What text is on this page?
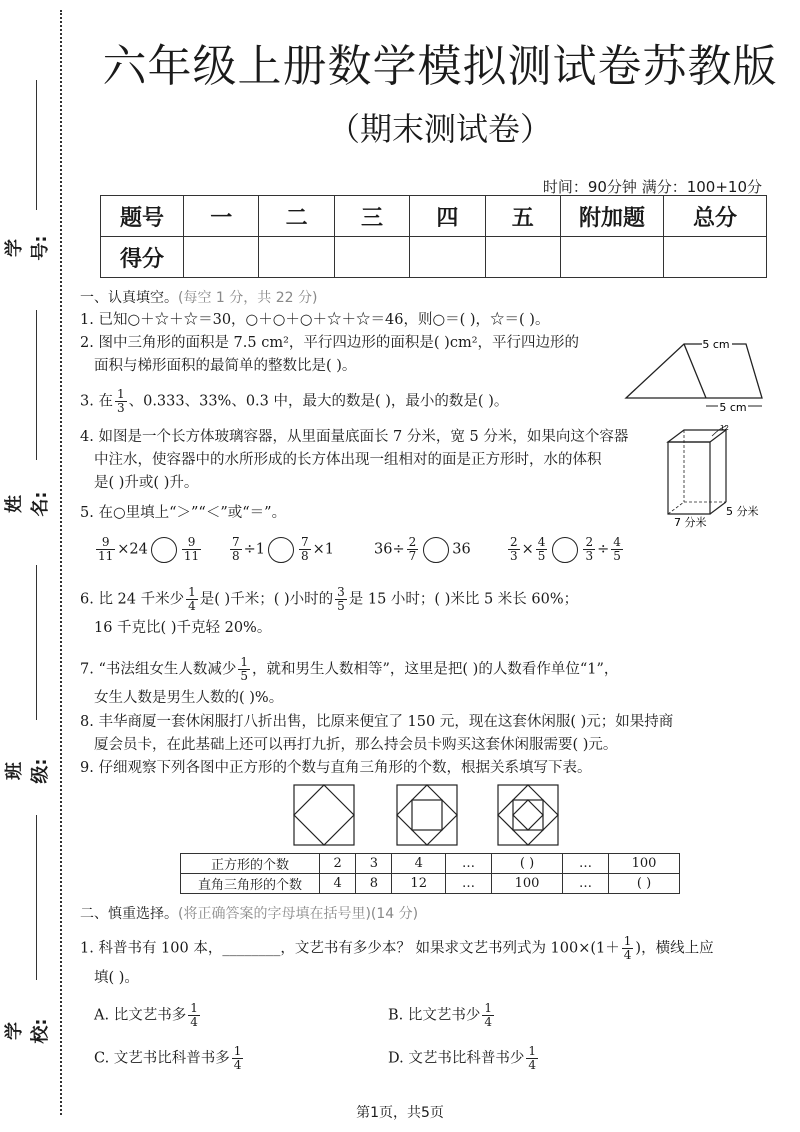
学号:
姓名:
班级:
学校:
六年级上册数学模拟测试卷苏教版
（期末测试卷）
时间：90分钟 满分：100+10分
题号	一	二	三	四	五	附加题	总分
得分							
一、认真填空。(每空 1 分，共 22 分)
1. 已知○＋☆＋☆＝30，○＋○＋○＋☆＋☆＝46，则○＝( )，☆＝( )。
2. 图中三角形的面积是 7.5 cm²，平行四边形的面积是( )cm²，平行四边形的
面积与梯形面积的最简单的整数比是( )。
5 cm
5 cm
3. 在 $\frac{1}{3}$ 、0.333、33%、0.3 中，最大的数是( )，最小的数是( )。
4. 如图是一个长方体玻璃容器，从里面量底面长 7 分米，宽 5 分米，如果向这个容器
中注水，使容器中的水所形成的长方体出现一组相对的面是正方形时，水的体积
是( )升或( )升。
12
7 分米
5 分米
5. 在○里填上“＞”“＜”或“＝”。
$\frac{9}{11} \times 24$	$\frac{9}{11} \frac{7}{8} \div 1$	$\frac{7}{8} \times 1$	$36\div \frac{2}{7} 36$	$\frac{2}{3} \times \frac{4}{5}$	$\frac{2}{3} \div \frac{4}{5}$
6. 比 24 千米少 $\frac{1}{4}$ 是( )千米；( )小时的 $\frac{3}{5}$ 是 15 小时；( )米比 5 米长 60%；
16 千克比( )千克轻 20%。
7. “书法组女生人数减少 $\frac{1}{5}$ ，就和男生人数相等”，这里是把( )的人数看作单位“1”，
女生人数是男生人数的( )%。
8. 丰华商厦一套休闲服打八折出售，比原来便宜了 150 元，现在这套休闲服( )元；如果持商
厦会员卡，在此基础上还可以再打九折，那么持会员卡购买这套休闲服需要( )元。
9. 仔细观察下列各图中正方形的个数与直角三角形的个数，根据关系填写下表。
正方形的个数	2	3	4	…	( )	…	100
直角三角形的个数	4	8	12	…	100	…	( )
二、慎重选择。(将正确答案的字母填在括号里)(14 分)
1. 科普书有 100 本，________，文艺书有多少本？ 如果求文艺书列式为 $100\times(1+ \frac{1}{4}$ )，横线上应
填( )。
A. 比文艺书多 $\frac{1}{4}$	B. 比文艺书少 $\frac{1}{4}$
C. 文艺书比科普书多 $\frac{1}{4}$	D. 文艺书比科普书少 $\frac{1}{4}$
第1页，共5页
